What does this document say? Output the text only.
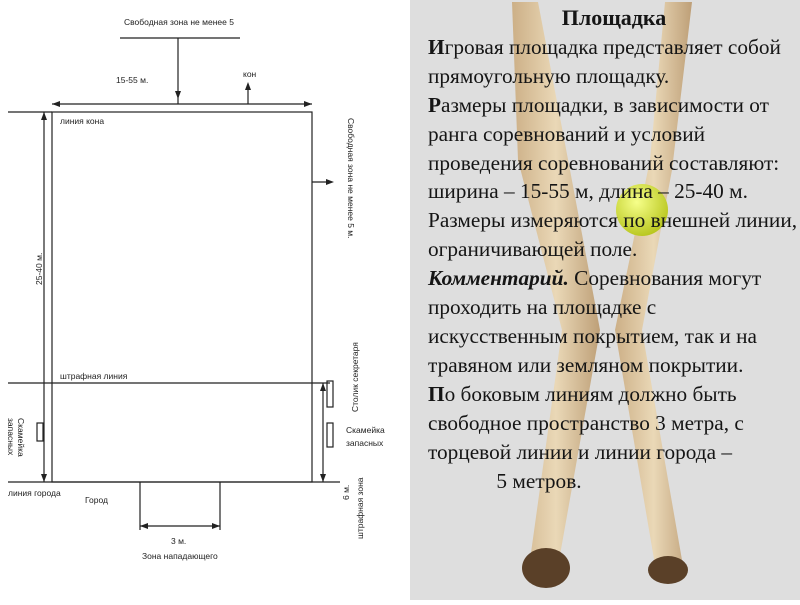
Свободная зона не менее 5
15-55 м.
кон
линия кона	Свободная зона не менее 5 м.
25-40 м.
штрафная линия	Столик секретаря
Скамейка
запасных
Скамейка
запасных
6 м. штрафная зона
линия города
Город
3 м.
Зона нападающего

Площадка

Игровая площадка представляет собой прямоугольную площадку.

Размеры площадки, в зависимости от ранга соревнований и условий проведения соревнований составляют: ширина – 15-55 м, длина – 25-40 м. Размеры измеряются по внешней линии, ограничивающей поле.

Комментарий. Соревнования могут проходить на площадке с искусственным покрытием, так и на травяном или земляном покрытии.

По боковым линиям должно быть свободное пространство 3 метра, с торцевой линии и линии города –

5 метров.
